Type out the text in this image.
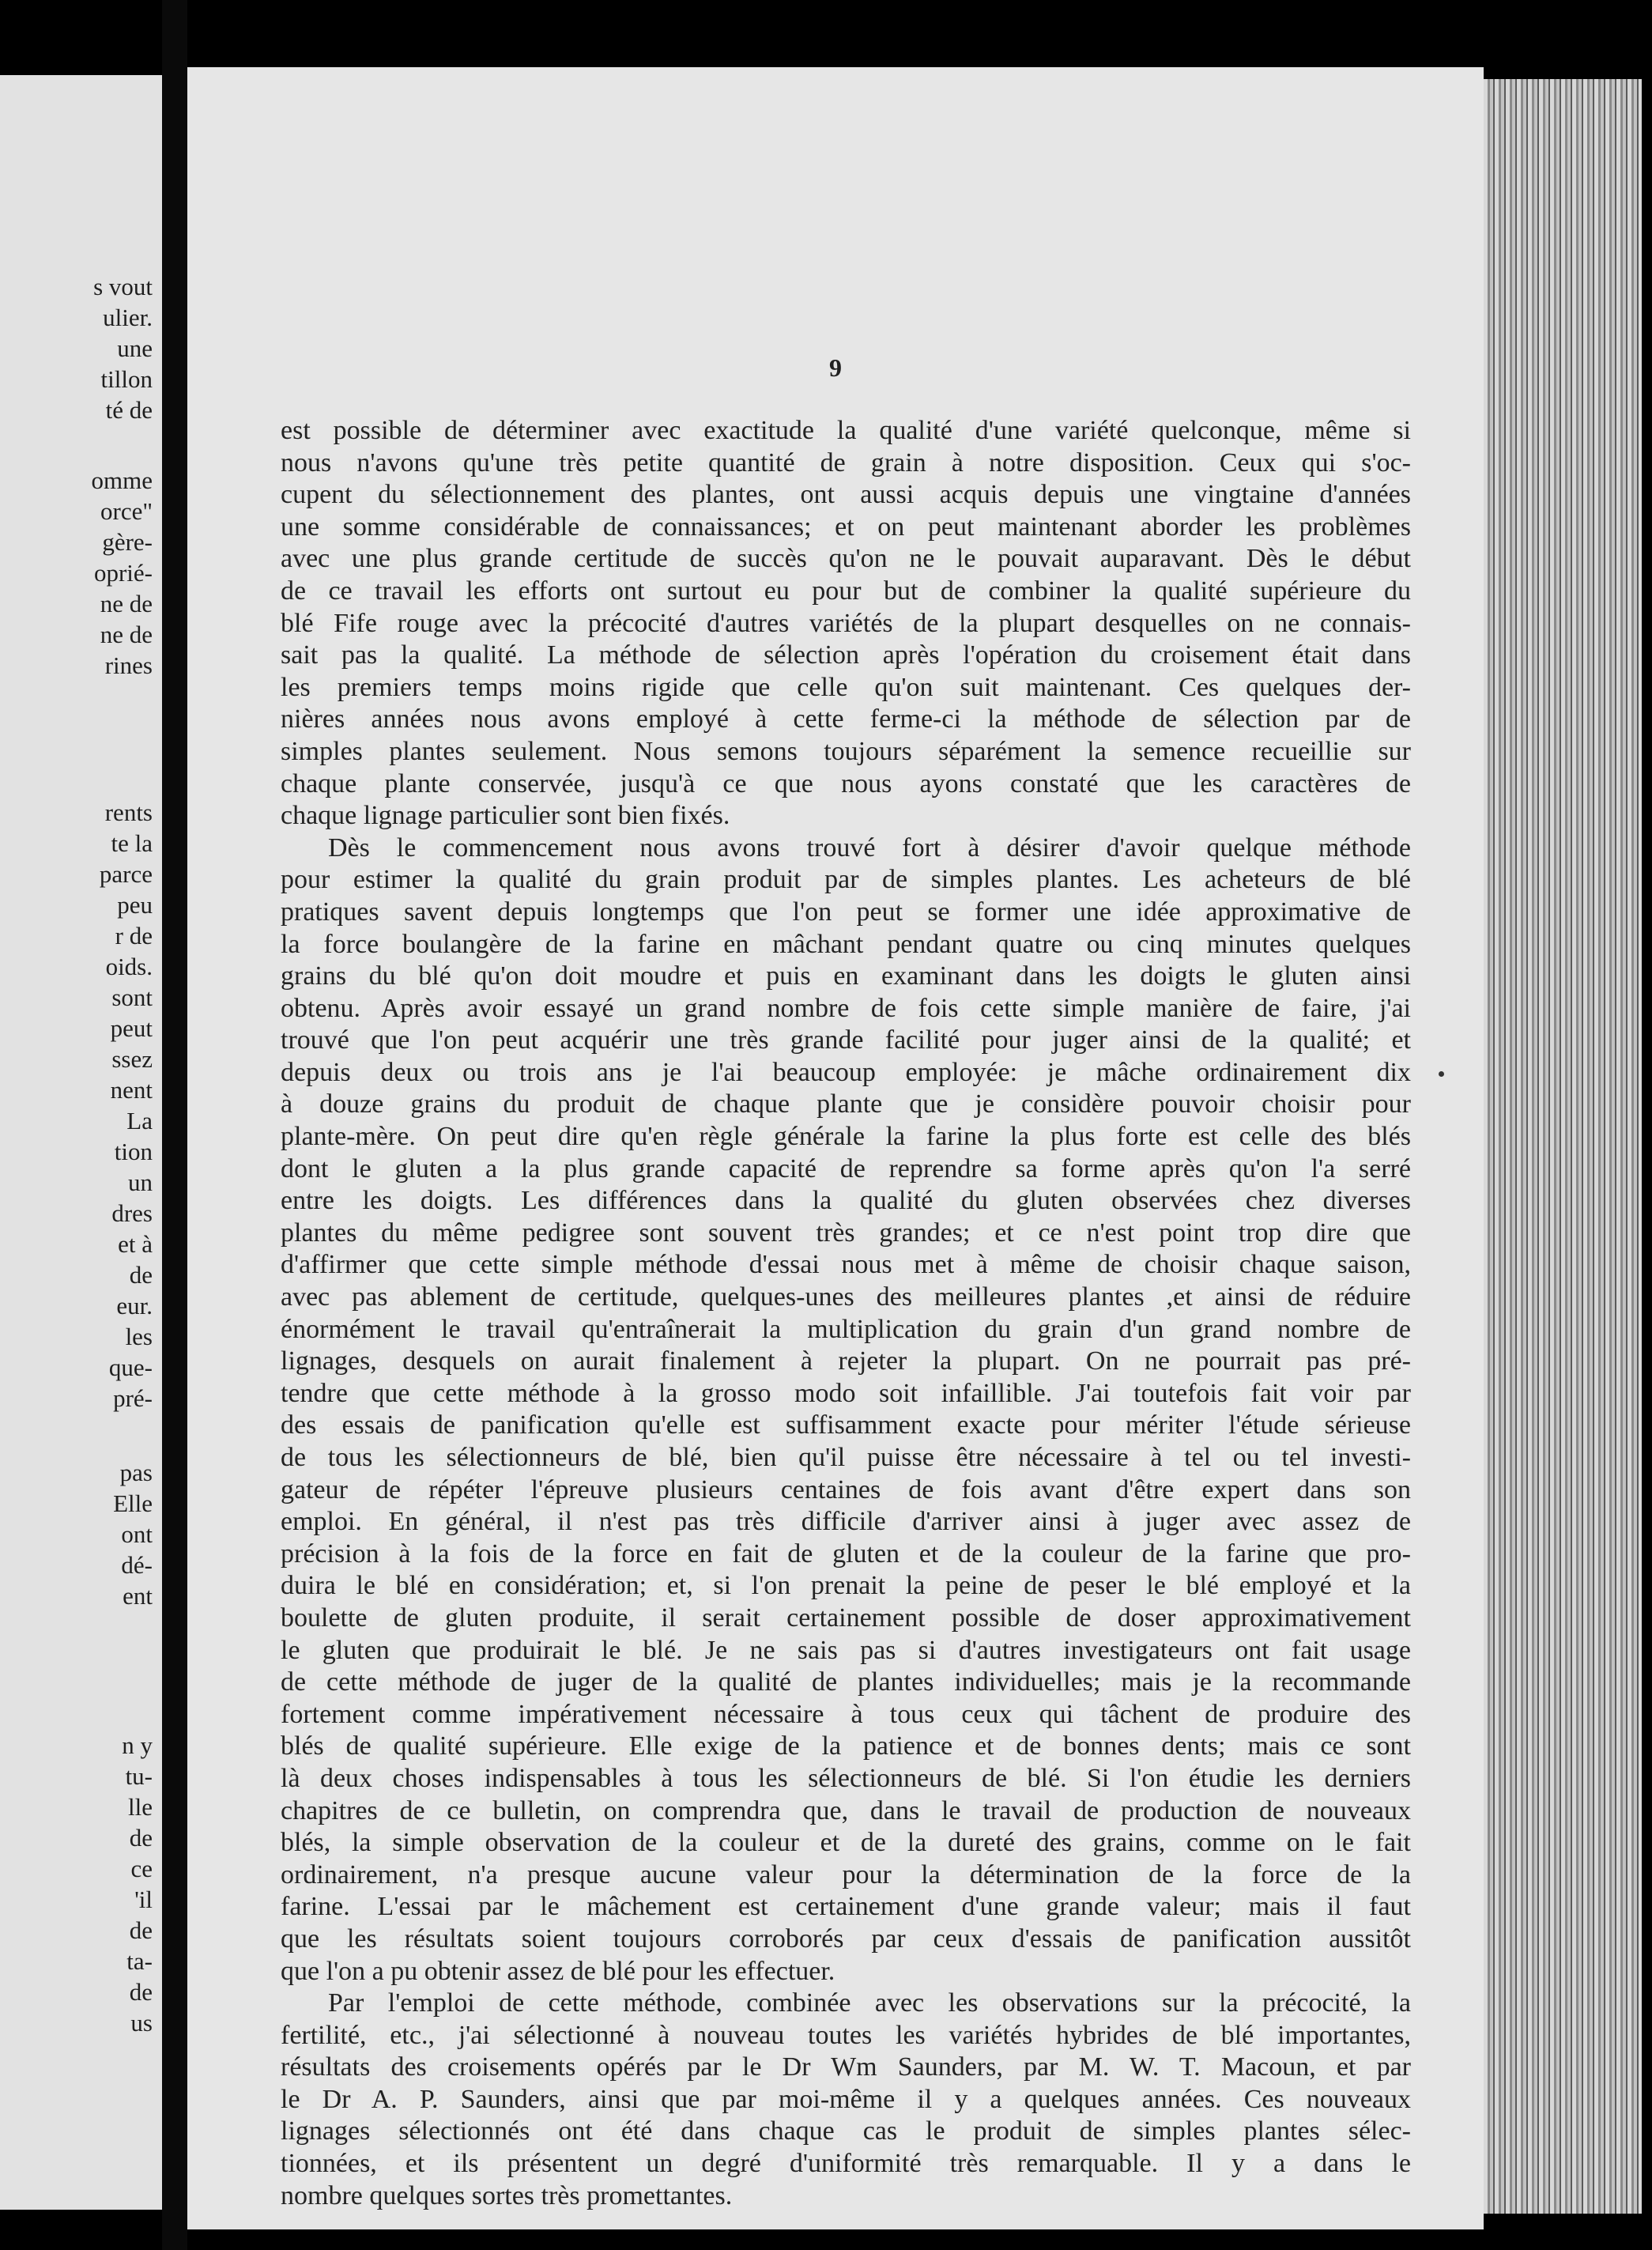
s vout
ulier.
une
tillon
té de
omme
orce"
gère-
oprié-
ne de
ne de
rines
rents
te la
parce
peu
r de
oids.
sont
peut
ssez
nent
La
tion
un
dres
et à
de
eur.
les
que-
pré-
pas
Elle
ont
dé-
ent
n y
tu-
lle
de
ce
'il
de
ta-
de
us
9
est possible de déterminer avec exactitude la qualité d'une variété quelconque, même si
nous n'avons qu'une très petite quantité de grain à notre disposition. Ceux qui s'oc-
cupent du sélectionnement des plantes, ont aussi acquis depuis une vingtaine d'années
une somme considérable de connaissances; et on peut maintenant aborder les problèmes
avec une plus grande certitude de succès qu'on ne le pouvait auparavant. Dès le début
de ce travail les efforts ont surtout eu pour but de combiner la qualité supérieure du
blé Fife rouge avec la précocité d'autres variétés de la plupart desquelles on ne connais-
sait pas la qualité. La méthode de sélection après l'opération du croisement était dans
les premiers temps moins rigide que celle qu'on suit maintenant. Ces quelques der-
nières années nous avons employé à cette ferme-ci la méthode de sélection par de
simples plantes seulement. Nous semons toujours séparément la semence recueillie sur
chaque plante conservée, jusqu'à ce que nous ayons constaté que les caractères de
chaque lignage particulier sont bien fixés.
Dès le commencement nous avons trouvé fort à désirer d'avoir quelque méthode
pour estimer la qualité du grain produit par de simples plantes. Les acheteurs de blé
pratiques savent depuis longtemps que l'on peut se former une idée approximative de
la force boulangère de la farine en mâchant pendant quatre ou cinq minutes quelques
grains du blé qu'on doit moudre et puis en examinant dans les doigts le gluten ainsi
obtenu. Après avoir essayé un grand nombre de fois cette simple manière de faire, j'ai
trouvé que l'on peut acquérir une très grande facilité pour juger ainsi de la qualité; et
depuis deux ou trois ans je l'ai beaucoup employée: je mâche ordinairement dix
à douze grains du produit de chaque plante que je considère pouvoir choisir pour
plante-mère. On peut dire qu'en règle générale la farine la plus forte est celle des blés
dont le gluten a la plus grande capacité de reprendre sa forme après qu'on l'a serré
entre les doigts. Les différences dans la qualité du gluten observées chez diverses
plantes du même pedigree sont souvent très grandes; et ce n'est point trop dire que
d'affirmer que cette simple méthode d'essai nous met à même de choisir chaque saison,
avec pas ablement de certitude, quelques-unes des meilleures plantes ,et ainsi de réduire
énormément le travail qu'entraînerait la multiplication du grain d'un grand nombre de
lignages, desquels on aurait finalement à rejeter la plupart. On ne pourrait pas pré-
tendre que cette méthode à la grosso modo soit infaillible. J'ai toutefois fait voir par
des essais de panification qu'elle est suffisamment exacte pour mériter l'étude sérieuse
de tous les sélectionneurs de blé, bien qu'il puisse être nécessaire à tel ou tel investi-
gateur de répéter l'épreuve plusieurs centaines de fois avant d'être expert dans son
emploi. En général, il n'est pas très difficile d'arriver ainsi à juger avec assez de
précision à la fois de la force en fait de gluten et de la couleur de la farine que pro-
duira le blé en considération; et, si l'on prenait la peine de peser le blé employé et la
boulette de gluten produite, il serait certainement possible de doser approximativement
le gluten que produirait le blé. Je ne sais pas si d'autres investigateurs ont fait usage
de cette méthode de juger de la qualité de plantes individuelles; mais je la recommande
fortement comme impérativement nécessaire à tous ceux qui tâchent de produire des
blés de qualité supérieure. Elle exige de la patience et de bonnes dents; mais ce sont
là deux choses indispensables à tous les sélectionneurs de blé. Si l'on étudie les derniers
chapitres de ce bulletin, on comprendra que, dans le travail de production de nouveaux
blés, la simple observation de la couleur et de la dureté des grains, comme on le fait
ordinairement, n'a presque aucune valeur pour la détermination de la force de la
farine. L'essai par le mâchement est certainement d'une grande valeur; mais il faut
que les résultats soient toujours corroborés par ceux d'essais de panification aussitôt
que l'on a pu obtenir assez de blé pour les effectuer.
Par l'emploi de cette méthode, combinée avec les observations sur la précocité, la
fertilité, etc., j'ai sélectionné à nouveau toutes les variétés hybrides de blé importantes,
résultats des croisements opérés par le Dr Wm Saunders, par M. W. T. Macoun, et par
le Dr A. P. Saunders, ainsi que par moi-même il y a quelques années. Ces nouveaux
lignages sélectionnés ont été dans chaque cas le produit de simples plantes sélec-
tionnées, et ils présentent un degré d'uniformité très remarquable. Il y a dans le
nombre quelques sortes très promettantes.
